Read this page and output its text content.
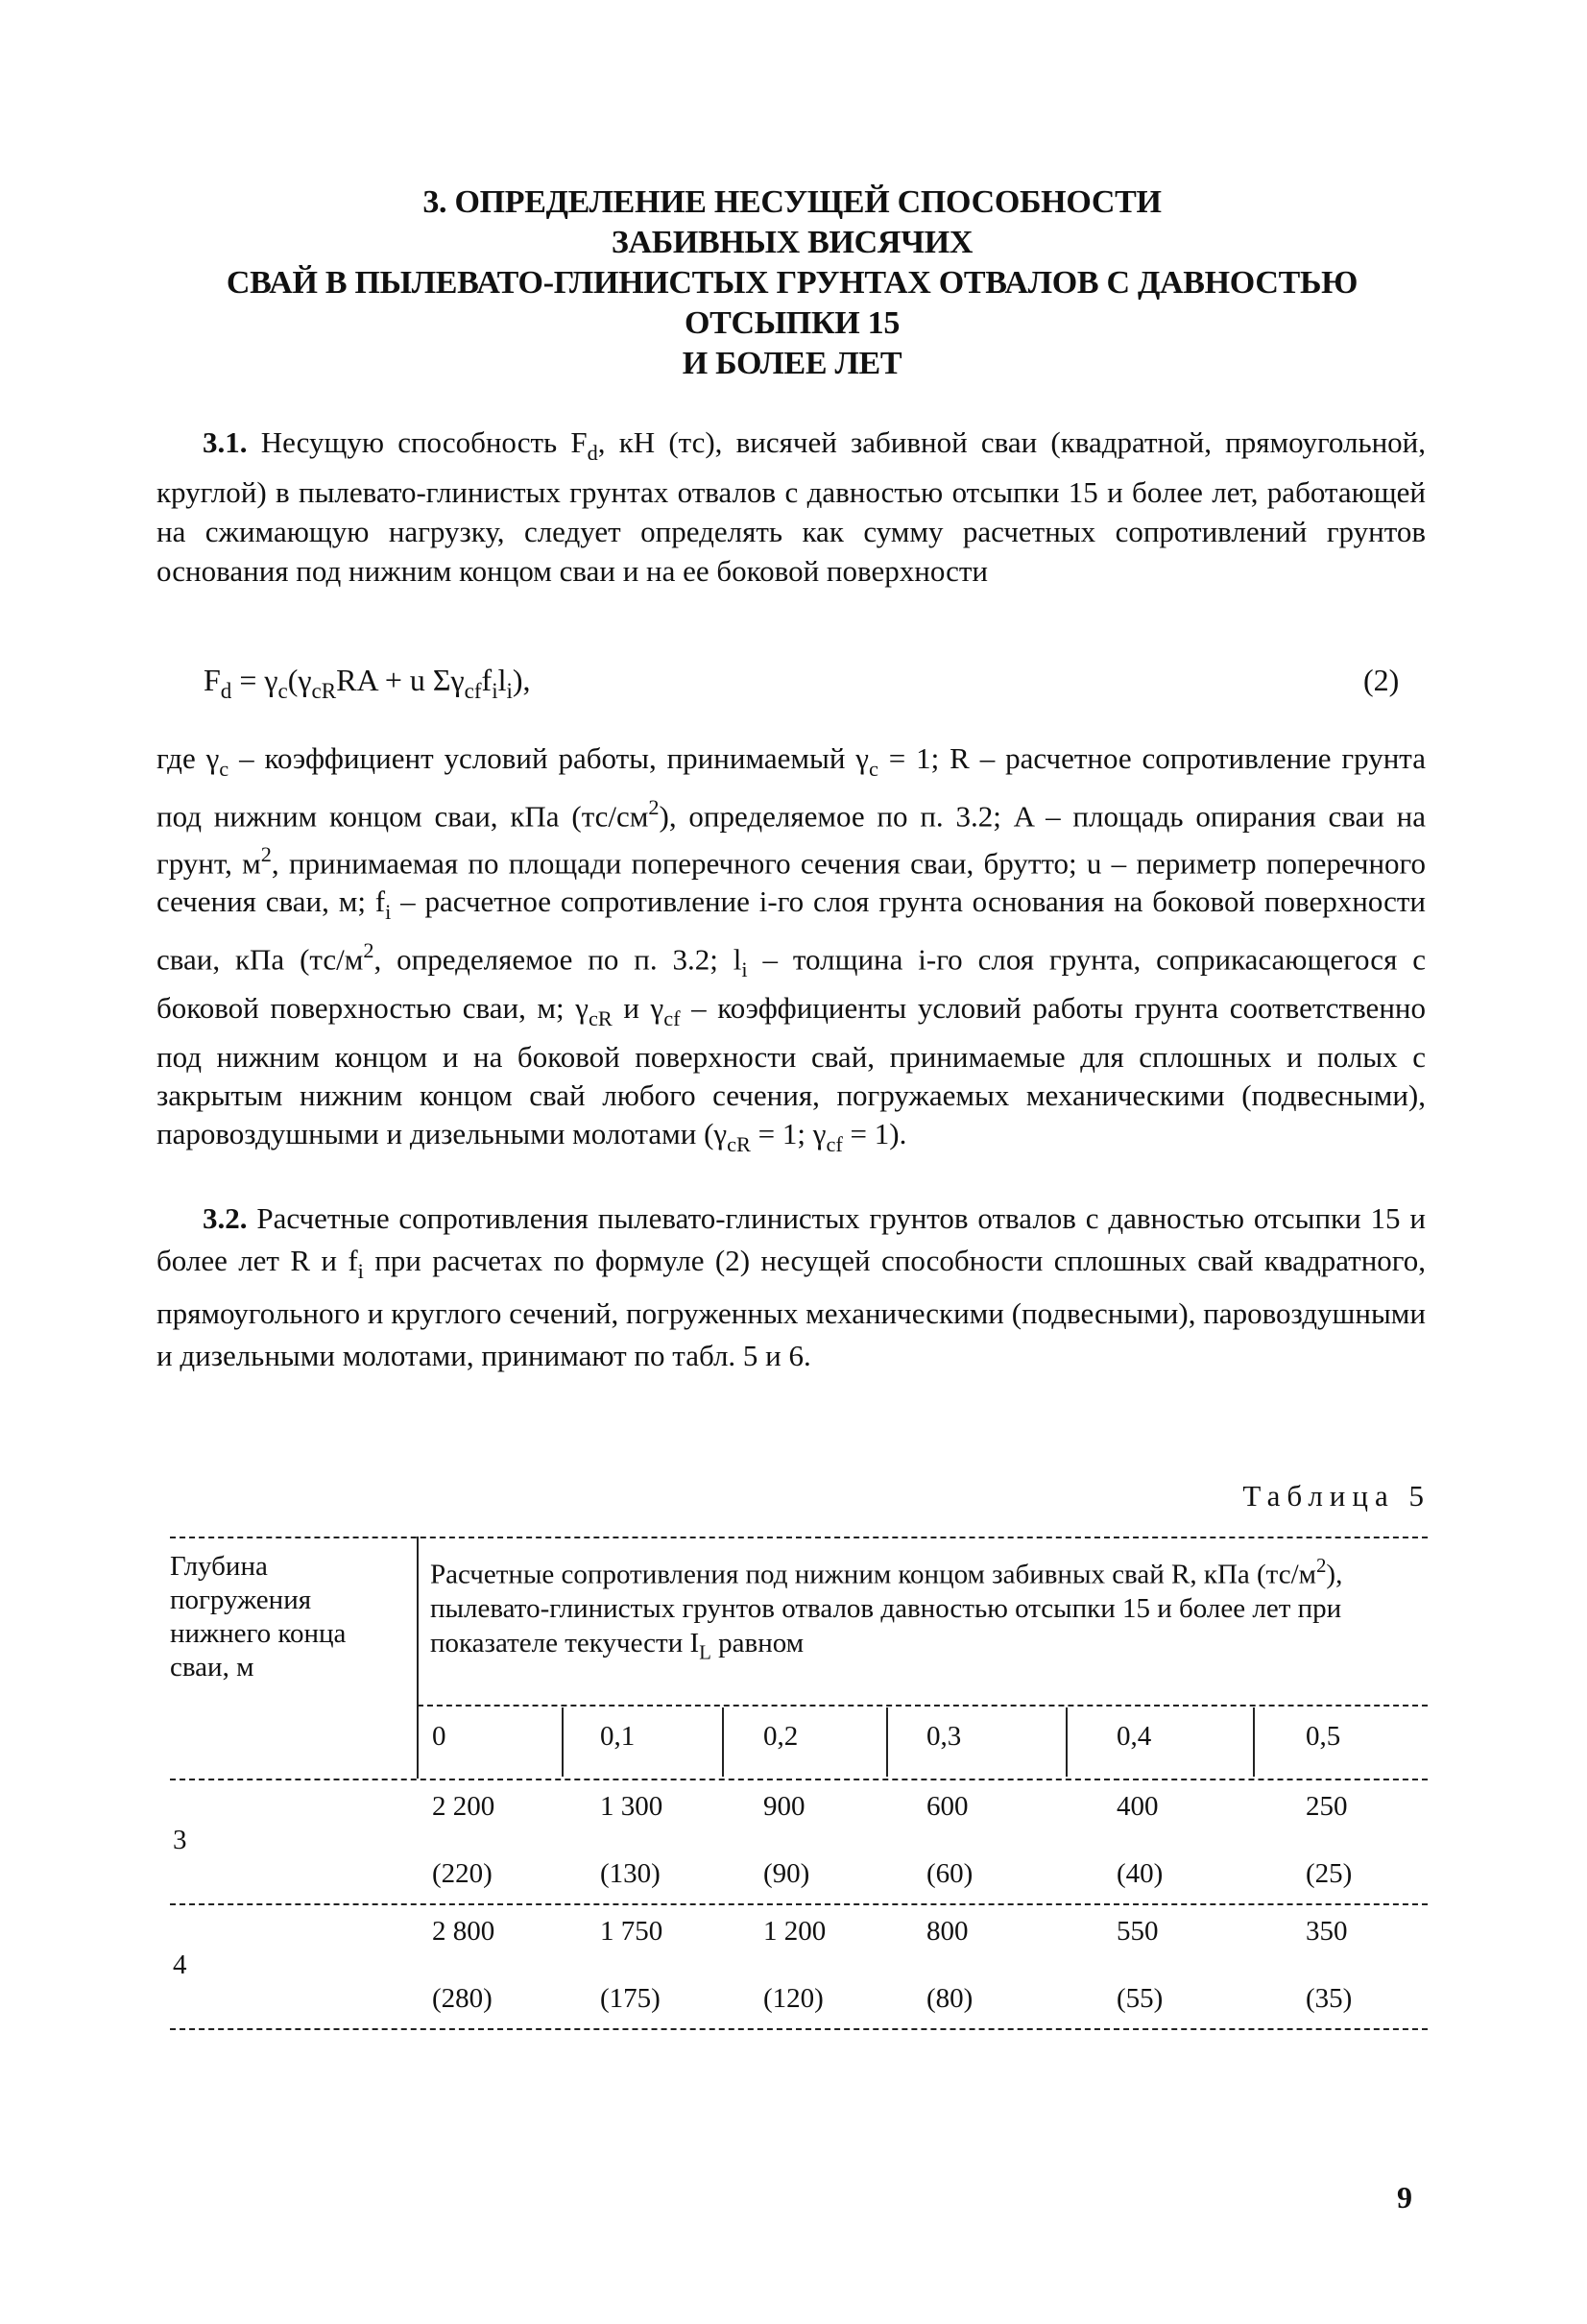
3. ОПРЕДЕЛЕНИЕ НЕСУЩЕЙ СПОСОБНОСТИ
ЗАБИВНЫХ ВИСЯЧИХ
СВАЙ В ПЫЛЕВАТО-ГЛИНИСТЫХ ГРУНТАХ ОТВАЛОВ С ДАВНОСТЬЮ
ОТСЫПКИ 15
И БОЛЕЕ ЛЕТ
3.1. Несущую способность $F_d$, кН (тс), висячей забивной сваи (квадратной, прямоугольной, круглой) в пылевато-глинистых грунтах отвалов с давностью отсыпки 15 и более лет, работающей на сжимающую нагрузку, следует определять как сумму расчетных сопротивлений грунтов основания под нижним концом сваи и на ее боковой поверхности
$F_d = \gamma_c(\gamma_{cR}RA + u$ $\Sigma\gamma_{cf}f_il_i$),	(2)
где $\gamma_c$ – коэффициент условий работы, принимаемый $\gamma_c = 1$; R – расчетное сопротивление грунта под нижним концом сваи, кПа $(тс/см^2)$, определяемое по п. 3.2; A – площадь опирания сваи на грунт, $м^2$, принимаемая по площади поперечного сечения сваи, брутто; u – периметр поперечного сечения сваи, м; $f_i$ – расчетное сопротивление i-го слоя грунта основания на боковой поверхности сваи, кПа ($тс/м^2$, определяемое по п. 3.2; $l_i$ – толщина i-го слоя грунта, соприкасающегося с боковой поверхностью сваи, м; $\gamma_{cR}$ и $\gamma_{cf}$ – коэффициенты условий работы грунта соответственно под нижним концом и на боковой поверхности свай, принимаемые для сплошных и полых с закрытым нижним концом свай любого сечения, погружаемых механическими (подвесными), паровоздушными и дизельными молотами ($\gamma_{cR} = 1$; $\gamma_{cf} = 1$).
3.2. Расчетные сопротивления пылевато-глинистых грунтов отвалов с давностью отсыпки 15 и более лет R и $f_i$ при расчетах по формуле (2) несущей способности сплошных свай квадратного, прямоугольного и круглого сечений, погруженных механическими (подвесными), паровоздушными и дизельными молотами, принимают по табл. 5 и 6.
Таблица 5
Глубина погружения нижнего конца сваи, м
Расчетные сопротивления под нижним концом забивных свай R, кПа $(тс/м^2)$, пылевато-глинистых грунтов отвалов давностью отсыпки 15 и более лет при показателе текучести $I_L$ равном
0	0,1	0,2	0,3	0,4	0,5
3
2 200	1 300	900	600	400	250
(220)	(130)	(90)	(60)	(40)	(25)
4
2 800	1 750	1 200	800	550	350
(280)	(175)	(120)	(80)	(55)	(35)
9
